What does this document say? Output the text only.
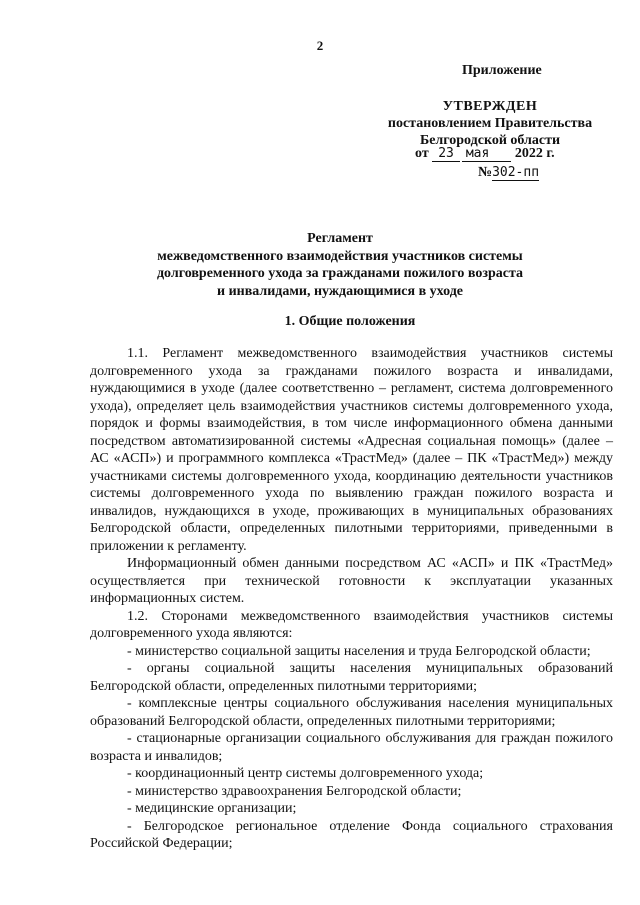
2
Приложение
УТВЕРЖДЕН
постановлением Правительства
Белгородской области
от 23 мая 2022 г.
№302-пп
Регламент
межведомственного взаимодействия участников системы
долговременного ухода за гражданами пожилого возраста
и инвалидами, нуждающимися в уходе
1. Общие положения

1.1. Регламент межведомственного взаимодействия участников системы долговременного ухода за гражданами пожилого возраста и инвалидами, нуждающимися в уходе (далее соответственно – регламент, система долговременного ухода), определяет цель взаимодействия участников системы долговременного ухода, порядок и формы взаимодействия, в том числе информационного обмена данными посредством автоматизированной системы «Адресная социальная помощь» (далее – АС «АСП») и программного комплекса «ТрастМед» (далее – ПК «ТрастМед») между участниками системы долговременного ухода, координацию деятельности участников системы долговременного ухода по выявлению граждан пожилого возраста и инвалидов, нуждающихся в уходе, проживающих в муниципальных образованиях Белгородской области, определенных пилотными территориями, приведенными в приложении к регламенту.

Информационный обмен данными посредством АС «АСП» и ПК «ТрастМед» осуществляется при технической готовности к эксплуатации указанных информационных систем.

1.2. Сторонами межведомственного взаимодействия участников системы долговременного ухода являются:

- министерство социальной защиты населения и труда Белгородской области;

- органы социальной защиты населения муниципальных образований Белгородской области, определенных пилотными территориями;

- комплексные центры социального обслуживания населения муниципальных образований Белгородской области, определенных пилотными территориями;

- стационарные организации социального обслуживания для граждан пожилого возраста и инвалидов;

- координационный центр системы долговременного ухода;

- министерство здравоохранения Белгородской области;

- медицинские организации;

- Белгородское региональное отделение Фонда социального страхования Российской Федерации;
